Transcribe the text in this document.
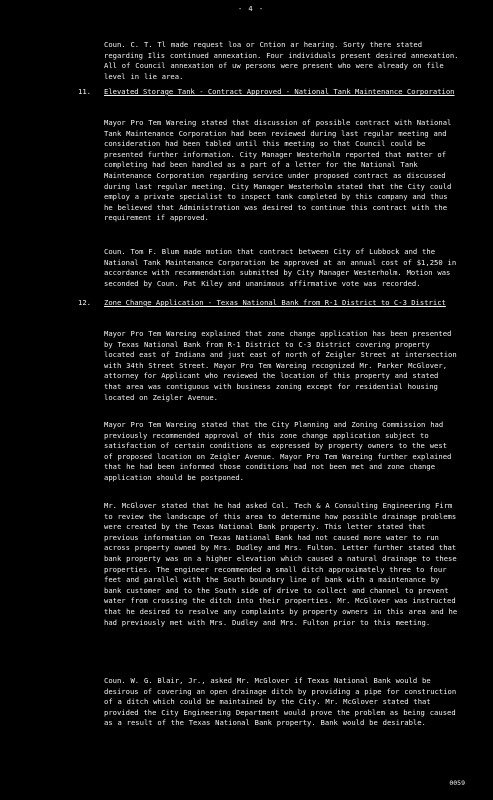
- 4 -

Coun. C. T. Tl made request loa or Cntion ar hearing. Sorty there stated regarding Ilis continued annexation. Four individuals present desired annexation. All of Council annexation of uw persons were present who were already on file level in lie area.

11. Elevated Storage Tank - Contract Approved - National Tank Maintenance Corporation

Mayor Pro Tem Wareing stated that discussion of possible contract with National Tank Maintenance Corporation had been reviewed during last regular meeting and consideration had been tabled until this meeting so that Council could be presented further information. City Manager Westerholm reported that matter of completing had been handled as a part of a letter for the National Tank Maintenance Corporation regarding service under proposed contract as discussed during last regular meeting. City Manager Westerholm stated that the City could employ a private specialist to inspect tank completed by this company and thus he believed that Administration was desired to continue this contract with the requirement if approved.

Coun. Tom F. Blum made motion that contract between City of Lubbock and the National Tank Maintenance Corporation be approved at an annual cost of $1,250 in accordance with recommendation submitted by City Manager Westerholm. Motion was seconded by Coun. Pat Kiley and unanimous affirmative vote was recorded.

12. Zone Change Application - Texas National Bank from R-1 District to C-3 District

Mayor Pro Tem Wareing explained that zone change application has been presented by Texas National Bank from R-1 District to C-3 District covering property located east of Indiana and just east of north of Zeigler Street at intersection with 34th Street Street. Mayor Pro Tem Wareing recognized Mr. Parker McGlover, attorney for Applicant who reviewed the location of this property and stated that area was contiguous with business zoning except for residential housing located on Zeigler Avenue.

Mayor Pro Tem Wareing stated that the City Planning and Zoning Commission had previously recommended approval of this zone change application subject to satisfaction of certain conditions as expressed by property owners to the west of proposed location on Zeigler Avenue. Mayor Pro Tem Wareing further explained that he had been informed those conditions had not been met and zone change application should be postponed.

Mr. McGlover stated that he had asked Col. Tech & A Consulting Engineering Firm to review the landscape of this area to determine how possible drainage problems were created by the Texas National Bank property. This letter stated that previous information on Texas National Bank had not caused more water to run across property owned by Mrs. Dudley and Mrs. Fulton. Letter further stated that bank property was on a higher elevation which caused a natural drainage to these properties. The engineer recommended a small ditch approximately three to four feet and parallel with the South boundary line of bank with a maintenance by bank customer and to the South side of drive to collect and channel to prevent water from crossing the ditch into their properties. Mr. McGlover was instructed that he desired to resolve any complaints by property owners in this area and he had previously met with Mrs. Dudley and Mrs. Fulton prior to this meeting.

Coun. W. G. Blair, Jr., asked Mr. McGlover if Texas National Bank would be desirous of covering an open drainage ditch by providing a pipe for construction of a ditch which could be maintained by the City. Mr. McGlover stated that provided the City Engineering Department would prove the problem as being caused as a result of the Texas National Bank property. Bank would be desirable.

0059
